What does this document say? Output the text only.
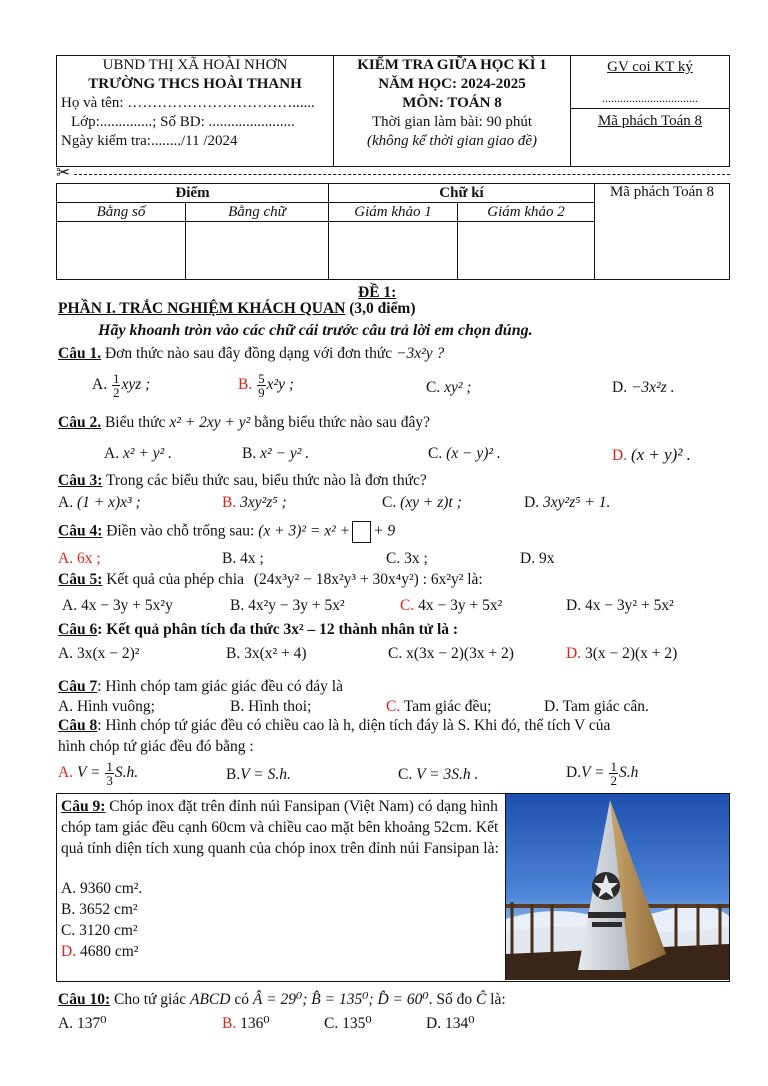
UBND THỊ XÃ HOÀI NHƠN
TRƯỜNG THCS HOÀI THANH
Họ và tên: ……………………………......
Lớp:..............; Số BD: .......................
Ngày kiểm tra:......../11 /2024

KIỂM TRA GIỮA HỌC KÌ 1
NĂM HỌC: 2024-2025
MÔN: TOÁN 8
Thời gian làm bài: 90 phút
(không kể thời gian giao đề)

GV coi KT ký
................................
Mã phách Toán 8
✂
Điểm		Chữ kí		Mã phách Toán 8
Bằng số	Bằng chữ	Giám khảo 1	Giám khảo 2	

ĐỀ 1:
PHẦN I. TRẮC NGHIỆM KHÁCH QUAN (3,0 điểm)
Hãy khoanh tròn vào các chữ cái trước câu trả lời em chọn đúng.
Câu 1. Đơn thức nào sau đây đồng dạng với đơn thức −3x²y ?
A. $\frac{1}{2}$ xyz ;	B. $\frac{5}{9} x^2y$ ;	C. xy² ;	D. −3x²z .
Câu 2. Biểu thức x² + 2xy + y² bằng biểu thức nào sau đây?
A. x² + y² .	B. x² − y² .	C. (x − y)² .	D. (x + y)² .
Câu 3: Trong các biểu thức sau, biểu thức nào là đơn thức?
A. (1 + x)x³ ;	B. 3xy²z⁵ ;	C. (xy + z)t ;	D. 3xy²z⁵ + 1.
Câu 4: Điền vào chỗ trống sau: (x + 3)² = x² + + 9
A. 6x ;	B. 4x ;	C. 3x ;	D. 9x
Câu 5: Kết quả của phép chia (24x³y² − 18x²y³ + 30x⁴y²) : 6x²y² là:
A. 4x − 3y + 5x²y	B. 4x²y − 3y + 5x²	C. 4x − 3y + 5x²	D. 4x − 3y² + 5x²
Câu 6: Kết quả phân tích đa thức 3x² – 12 thành nhân tử là :
A. 3x(x − 2)²	B. 3x(x² + 4)	C. x(3x − 2)(3x + 2)	D. 3(x − 2)(x + 2)
Câu 7: Hình chóp tam giác giác đều có đáy là
A. Hình vuông;	B. Hình thoi;	C. Tam giác đều;	D. Tam giác cân.
Câu 8: Hình chóp tứ giác đều có chiều cao là h, diện tích đáy là S. Khi đó, thể tích V của
hình chóp tứ giác đều đó bằng :
A. $V = \frac{1}{3} S.h$.	B.V = S.h.	C. V = 3S.h .	$D.V = \frac{1}{2} S.h$
Câu 9: Chóp inox đặt trên đỉnh núi Fansipan (Việt Nam) có dạng hình chóp tam giác đều cạnh 60cm và chiều cao mặt bên khoảng 52cm. Kết quả tính diện tích xung quanh của chóp inox trên đỉnh núi Fansipan là:
A. 9360 cm².
B. 3652 cm²
C. 3120 cm²
D. 4680 cm²
Câu 10: Cho tứ giác ABCD có Â = 29⁰; B̂ = 135⁰; D̂ = 60⁰. Số đo Ĉ là:
A. 137⁰	B. 136⁰	C. 135⁰	D. 134⁰
